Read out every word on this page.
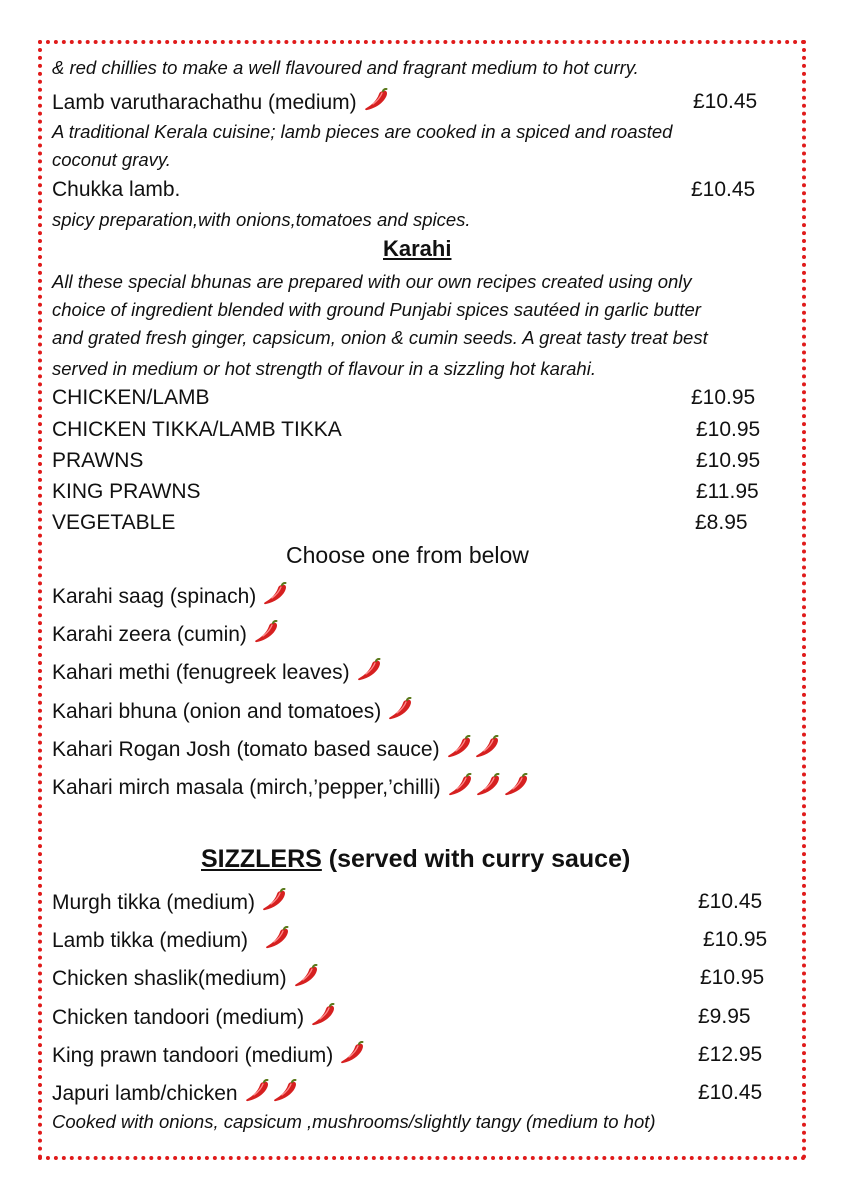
& red chillies to make a well flavoured and fragrant medium to hot curry.
Lamb varutharachathu (medium)	£10.45
A traditional Kerala cuisine; lamb pieces are cooked in a spiced and roasted
coconut gravy.
Chukka lamb.	£10.45
spicy preparation,with onions,tomatoes and spices.
Karahi
All these special bhunas are prepared with our own recipes created using only
choice of ingredient blended with ground Punjabi spices sautéed in garlic butter
and grated fresh ginger, capsicum, onion & cumin seeds. A great tasty treat best
served in medium or hot strength of flavour in a sizzling hot karahi.
CHICKEN/LAMB	£10.95
CHICKEN TIKKA/LAMB TIKKA	£10.95
PRAWNS	£10.95
KING PRAWNS	£11.95
VEGETABLE	£8.95
Choose one from below
Karahi saag (spinach)
Karahi zeera (cumin)
Kahari methi (fenugreek leaves)
Kahari bhuna (onion and tomatoes)
Kahari Rogan Josh (tomato based sauce)
Kahari mirch masala (mirch,’pepper,’chilli)
SIZZLERS (served with curry sauce)
Murgh tikka (medium)	£10.45
Lamb tikka (medium)	£10.95
Chicken shaslik(medium)	£10.95
Chicken tandoori (medium)	£9.95
King prawn tandoori (medium)	£12.95
Japuri lamb/chicken	£10.45
Cooked with onions, capsicum ,mushrooms/slightly tangy (medium to hot)
